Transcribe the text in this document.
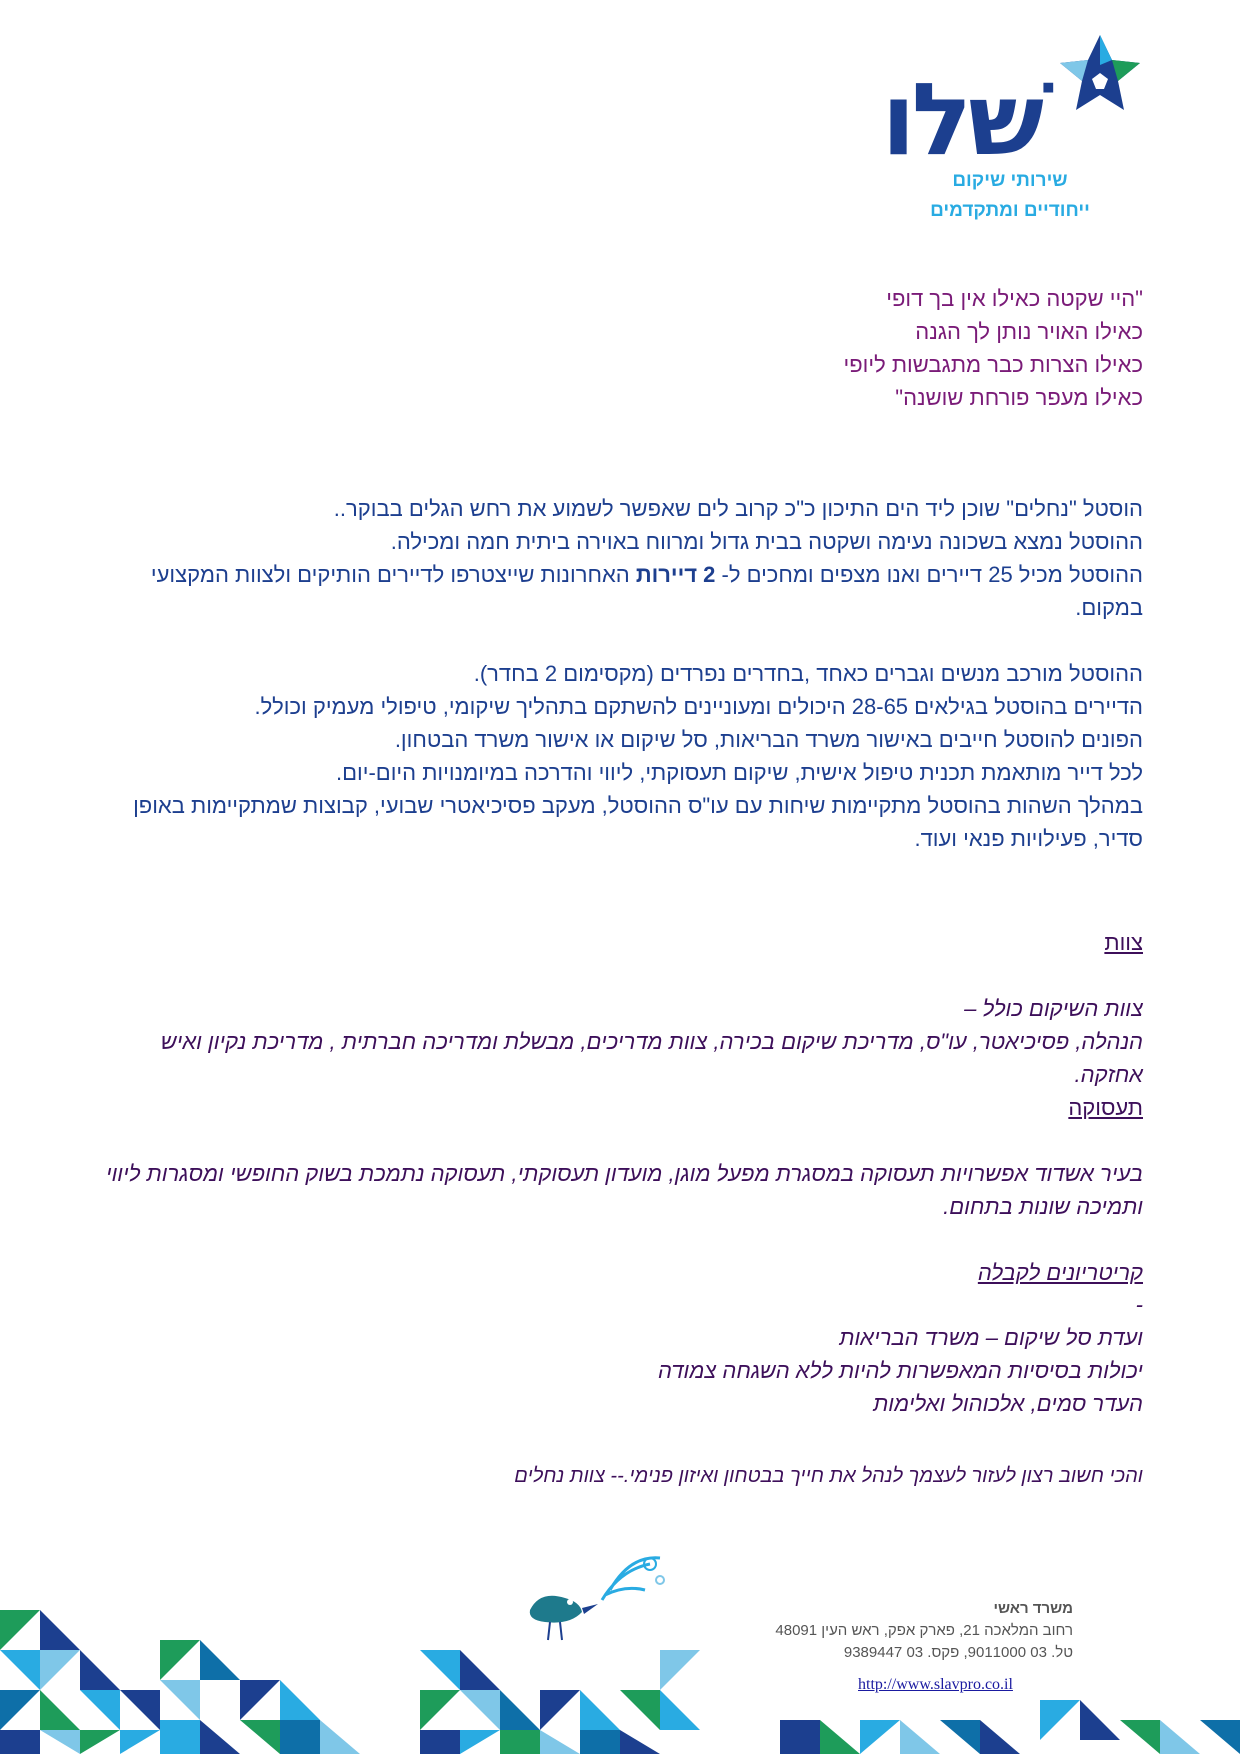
שׁלו
שירותי שיקום
ייחודיים ומתקדמים
"היי שקטה כאילו אין בך דופי
כאילו האויר נותן לך הגנה
כאילו הצרות כבר מתגבשות ליופי
כאילו מעפר פורחת שושנה"
הוסטל "נחלים" שוכן ליד הים התיכון כ"כ קרוב לים שאפשר לשמוע את רחש הגלים בבוקר..
ההוסטל נמצא בשכונה נעימה ושקטה בבית גדול ומרווח באוירה ביתית חמה ומכילה.
ההוסטל מכיל 25 דיירים ואנו מצפים ומחכים ל- 2 דיירות האחרונות שייצטרפו לדיירים הותיקים ולצוות המקצועי במקום.
ההוסטל מורכב מנשים וגברים כאחד ,בחדרים נפרדים (מקסימום 2 בחדר).
הדיירים בהוסטל בגילאים 28-65 היכולים ומעוניינים להשתקם בתהליך שיקומי, טיפולי מעמיק וכולל.
הפונים להוסטל חייבים באישור משרד הבריאות, סל שיקום או אישור משרד הבטחון.
לכל דייר מותאמת תכנית טיפול אישית, שיקום תעסוקתי, ליווי והדרכה במיומנויות היום-יום.
במהלך השהות בהוסטל מתקיימות שיחות עם עו"ס ההוסטל, מעקב פסיכיאטרי שבועי, קבוצות שמתקיימות באופן סדיר, פעילויות פנאי ועוד.
צוות
צוות השיקום כולל –
הנהלה, פסיכיאטר, עו"ס, מדריכת שיקום בכירה, צוות מדריכים, מבשלת ומדריכה חברתית , מדריכת נקיון ואיש אחזקה.
תעסוקה
בעיר אשדוד אפשרויות תעסוקה במסגרת מפעל מוגן, מועדון תעסוקתי, תעסוקה נתמכת בשוק החופשי ומסגרות ליווי ותמיכה שונות בתחום.
קריטריונים לקבלה
-
ועדת סל שיקום – משרד הבריאות
יכולות בסיסיות המאפשרות להיות ללא השגחה צמודה
העדר סמים, אלכוהול ואלימות
והכי חשוב רצון לעזור לעצמך לנהל את חייך בבטחון ואיזון פנימי.-- צוות נחלים
משרד ראשי
רחוב המלאכה 21, פארק אפק, ראש העין 48091
טל. 03 9011000, פקס. 03 9389447
http://www.slavpro.co.il
